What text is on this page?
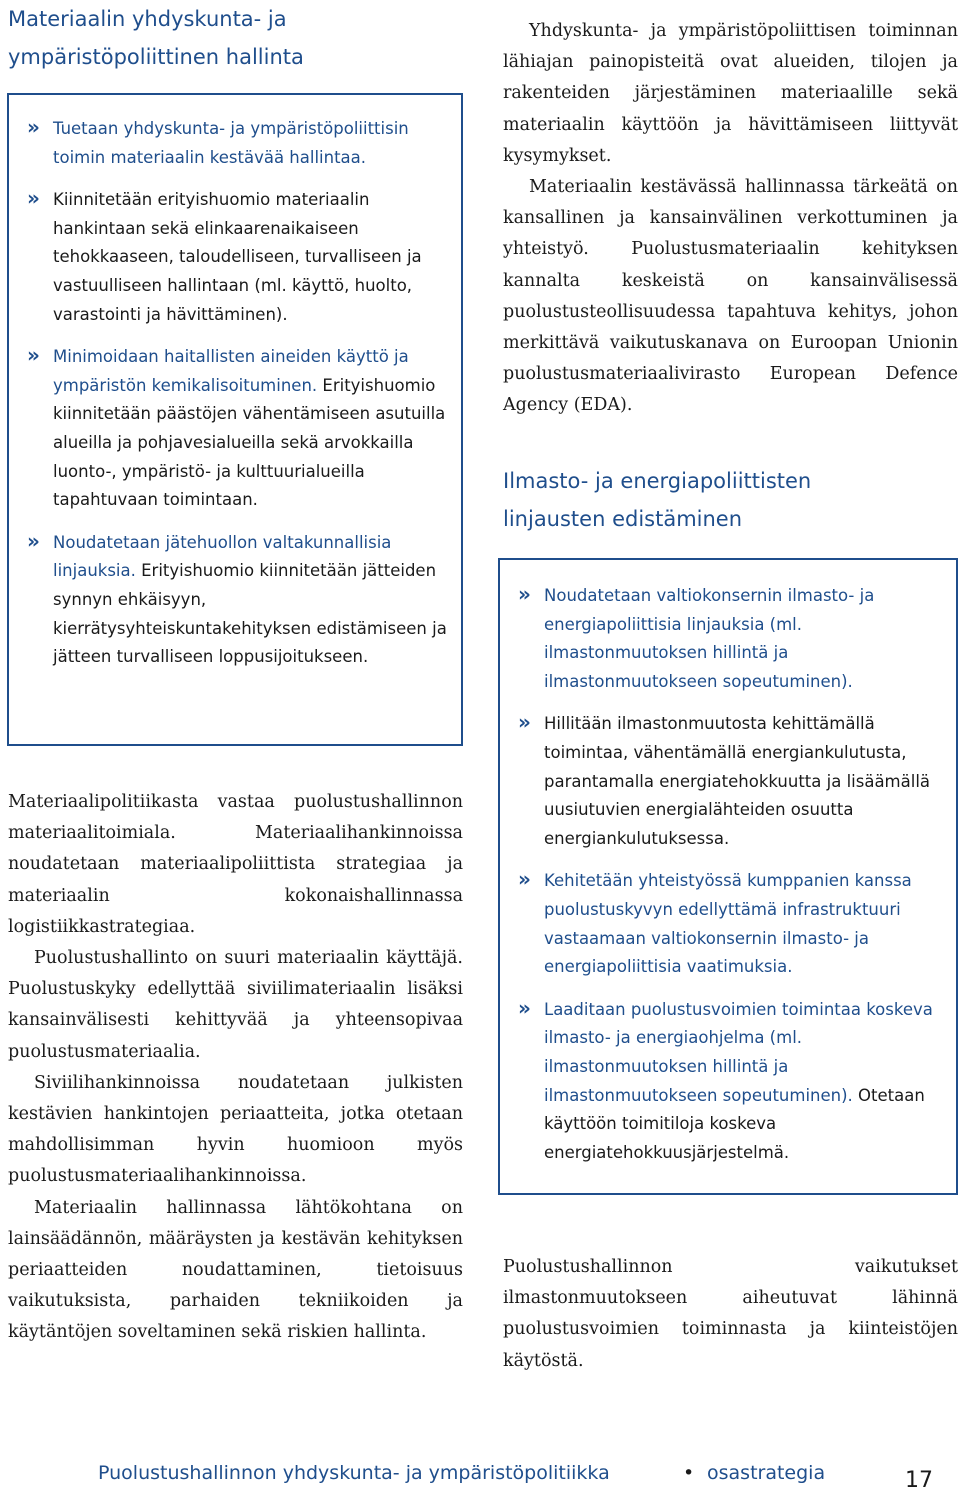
Materiaalin yhdyskunta- ja ympäristöpoliittinen hallinta
» Tuetaan yhdyskunta- ja ympäristöpoliittisin toimin materiaalin kestävää hallintaa.
» Kiinnitetään erityishuomio materiaalin hankintaan sekä elinkaarenaikaiseen tehokkaaseen, taloudelliseen, turvalliseen ja vastuulliseen hallintaan (ml. käyttö, huolto, varastointi ja hävittäminen).
» Minimoidaan haitallisten aineiden käyttö ja ympäristön kemikalisoituminen. Erityishuomio kiinnitetään päästöjen vähentämiseen asutuilla alueilla ja pohjavesialueilla sekä arvokkailla luonto-, ympäristö- ja kulttuurialueilla tapahtuvaan toimintaan.
» Noudatetaan jätehuollon valtakunnallisia linjauksia. Erityishuomio kiinnitetään jätteiden synnyn ehkäisyyn, kierrätysyhteiskuntakehityksen edistämiseen ja jätteen turvalliseen loppusijoitukseen.

Materiaalipolitiikasta vastaa puolustushallinnon materiaalitoimiala. Materiaalihankinnoissa noudatetaan materiaalipoliittista strategiaa ja materiaalin kokonaishallinnassa logistiikkastrategiaa.

Puolustushallinto on suuri materiaalin käyttäjä. Puolustuskyky edellyttää siviilimateriaalin lisäksi kansainvälisesti kehittyvää ja yhteensopivaa puolustusmateriaalia.

Siviilihankinnoissa noudatetaan julkisten kestävien hankintojen periaatteita, jotka otetaan mahdollisimman hyvin huomioon myös puolustusmateriaalihankinnoissa.

Materiaalin hallinnassa lähtökohtana on lainsäädännön, määräysten ja kestävän kehityksen periaatteiden noudattaminen, tietoisuus vaikutuksista, parhaiden tekniikoiden ja käytäntöjen soveltaminen sekä riskien hallinta.

Yhdyskunta- ja ympäristöpoliittisen toiminnan lähiajan painopisteitä ovat alueiden, tilojen ja rakenteiden järjestäminen materiaalille sekä materiaalin käyttöön ja hävittämiseen liittyvät kysymykset.

Materiaalin kestävässä hallinnassa tärkeätä on kansallinen ja kansainvälinen verkottuminen ja yhteistyö. Puolustusmateriaalin kehityksen kannalta keskeistä on kansainvälisessä puolustusteollisuudessa tapahtuva kehitys, johon merkittävä vaikutuskanava on Euroopan Unionin puolustusmateriaalivirasto European Defence Agency (EDA).

Ilmasto- ja energiapoliittisten linjausten edistäminen
» Noudatetaan valtiokonsernin ilmasto- ja energiapoliittisia linjauksia (ml. ilmastonmuutoksen hillintä ja ilmastonmuutokseen sopeutuminen).
» Hillitään ilmastonmuutosta kehittämällä toimintaa, vähentämällä energiankulutusta, parantamalla energiatehokkuutta ja lisäämällä uusiutuvien energialähteiden osuutta energiankulutuksessa.
» Kehitetään yhteistyössä kumppanien kanssa puolustuskyvyn edellyttämä infrastruktuuri vastaamaan valtiokonsernin ilmasto- ja energiapoliittisia vaatimuksia.
» Laaditaan puolustusvoimien toimintaa koskeva ilmasto- ja energiaohjelma (ml. ilmastonmuutoksen hillintä ja ilmastonmuutokseen sopeutuminen). Otetaan käyttöön toimitiloja koskeva energiatehokkuusjärjestelmä.

Puolustushallinnon vaikutukset ilmastonmuutokseen aiheutuvat lähinnä puolustusvoimien toiminnasta ja kiinteistöjen käytöstä.

Puolustushallinnon yhdyskunta- ja ympäristöpolitiikka	• osastrategia	17
